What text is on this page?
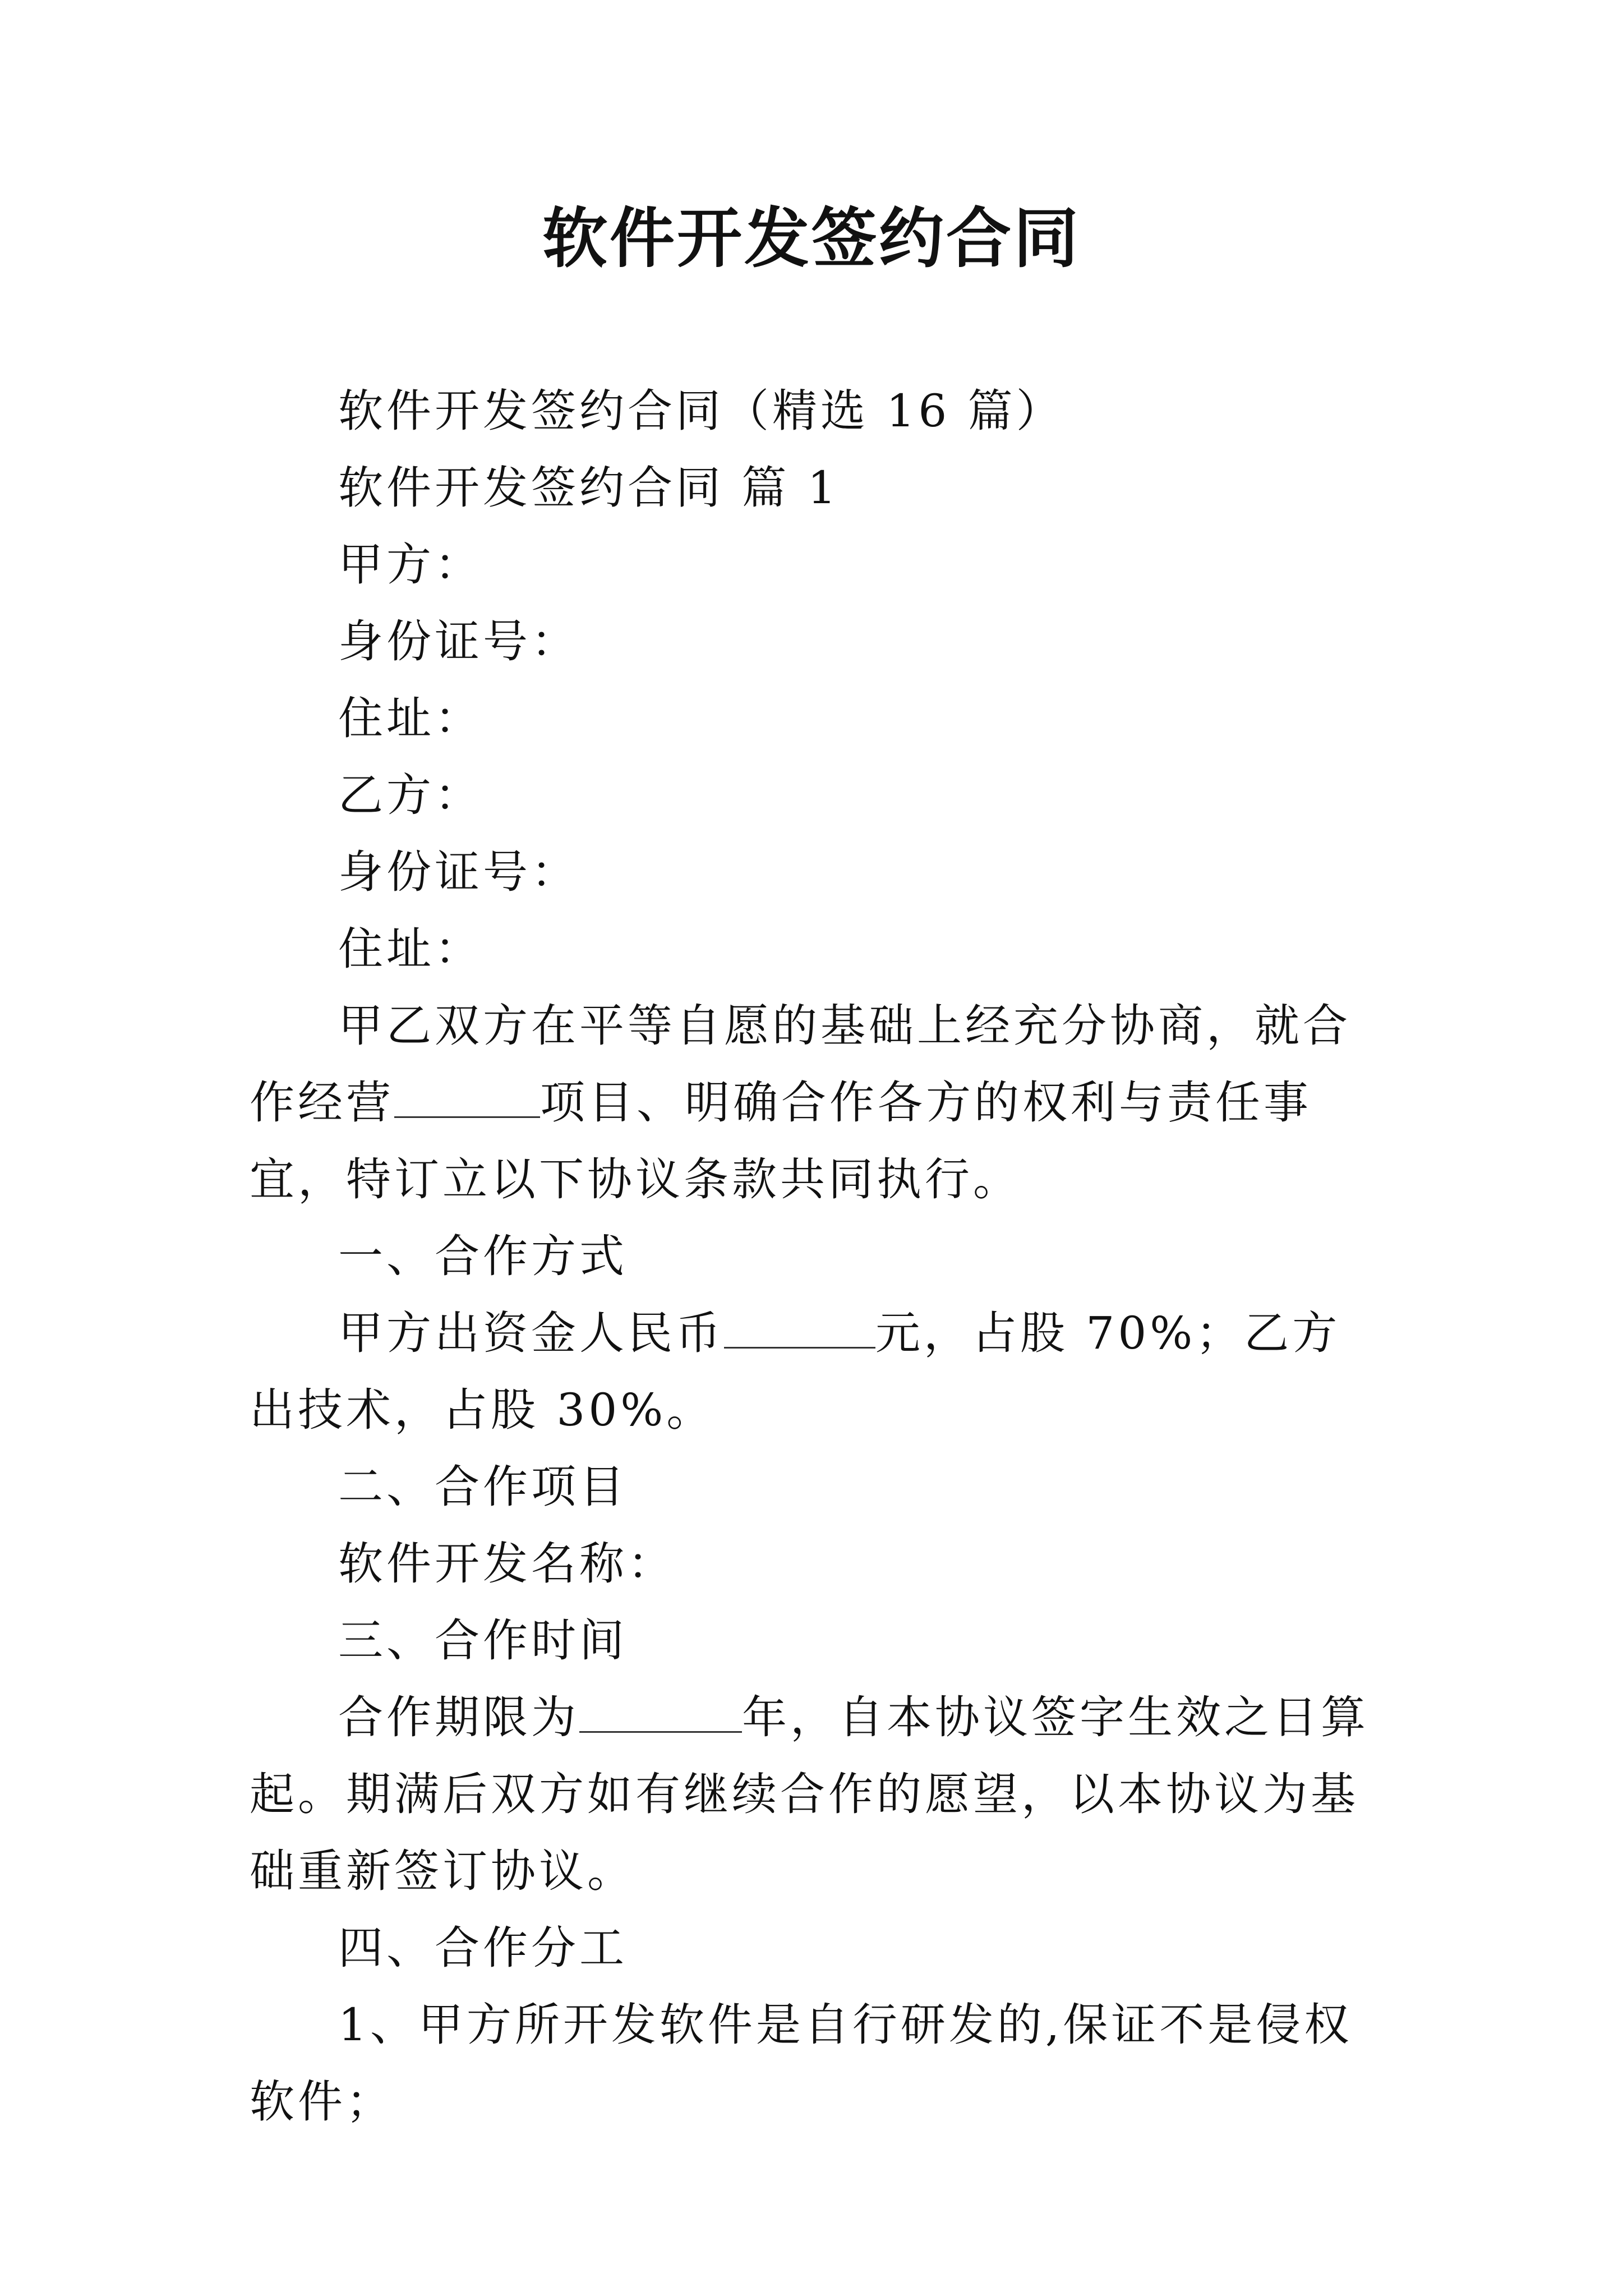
软件开发签约合同

软件开发签约合同（精选 16 篇）

软件开发签约合同 篇 1

甲方：

身份证号：

住址：

乙方：

身份证号：

住址：

甲乙双方在平等自愿的基础上经充分协商，就合作经营	项目、明确合作各方的权利与责任事宜，特订立以下协议条款共同执行。

一、合作方式

甲方出资金人民币	元，占股 70%；乙方出技术，占股 30%。

二、合作项目

软件开发名称：

三、合作时间

合作期限为	年，自本协议签字生效之日算起。期满后双方如有继续合作的愿望，以本协议为基础重新签订协议。

四、合作分工

1、甲方所开发软件是自行研发的,保证不是侵权软件；
